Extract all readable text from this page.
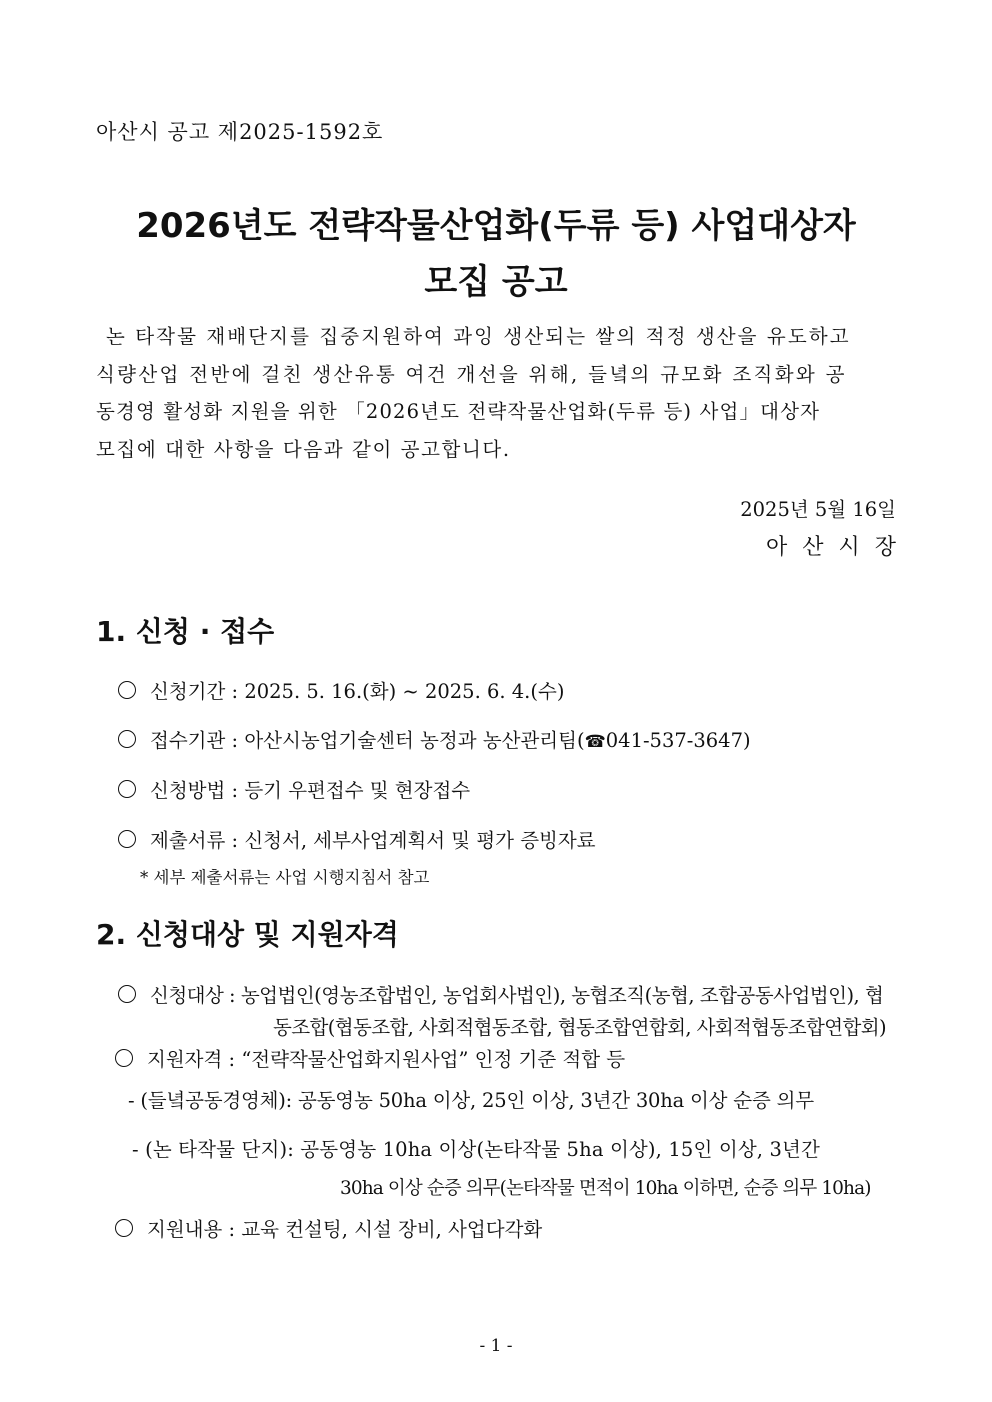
아산시 공고 제2025-1592호
2026년도 전략작물산업화(두류 등) 사업대상자
모집 공고

논 타작물 재배단지를 집중지원하여 과잉 생산되는 쌀의 적정 생산을 유도하고

식량산업 전반에 걸친 생산유통 여건 개선을 위해, 들녘의 규모화 조직화와 공

동경영 활성화 지원을 위한 「2026년도 전략작물산업화(두류 등) 사업」대상자

모집에 대한 사항을 다음과 같이 공고합니다.

2025년 5월 16일
아산시장
1. 신청 · 접수
신청기간 : 2025. 5. 16.(화) ~ 2025. 6. 4.(수)
접수기관 : 아산시농업기술센터 농정과 농산관리팀(☎041-537-3647)
신청방법 : 등기 우편접수 및 현장접수
제출서류 : 신청서, 세부사업계획서 및 평가 증빙자료
* 세부 제출서류는 사업 시행지침서 참고
2. 신청대상 및 지원자격
신청대상 : 농업법인(영농조합법인, 농업회사법인), 농협조직(농협, 조합공동사업법인), 협
동조합(협동조합, 사회적협동조합, 협동조합연합회, 사회적협동조합연합회)
지원자격 : “전략작물산업화지원사업” 인정 기준 적합 등
- (들녘공동경영체): 공동영농 50ha 이상, 25인 이상, 3년간 30ha 이상 순증 의무
- (논 타작물 단지): 공동영농 10ha 이상(논타작물 5ha 이상), 15인 이상, 3년간
30ha 이상 순증 의무(논타작물 면적이 10ha 이하면, 순증 의무 10ha)
지원내용 : 교육 컨설팅, 시설 장비, 사업다각화
- 1 -
